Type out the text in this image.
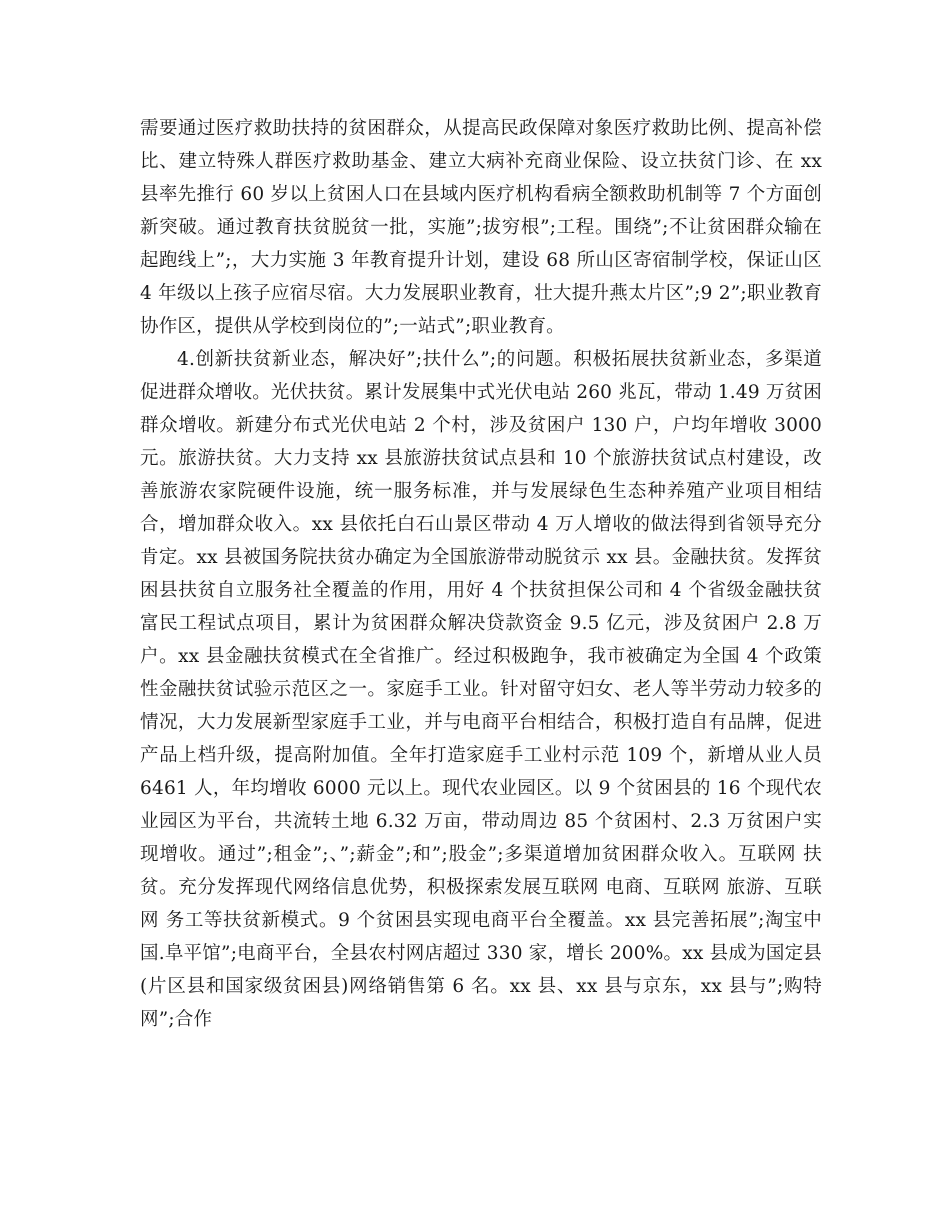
需要通过医疗救助扶持的贫困群众，从提高民政保障对象医疗救助比例、提高补偿比、建立特殊人群医疗救助基金、建立大病补充商业保险、设立扶贫门诊、在 xx 县率先推行 60 岁以上贫困人口在县域内医疗机构看病全额救助机制等 7 个方面创新突破。通过教育扶贫脱贫一批，实施”;拔穷根”;工程。围绕”;不让贫困群众输在起跑线上”;，大力实施 3 年教育提升计划，建设 68 所山区寄宿制学校，保证山区 4 年级以上孩子应宿尽宿。大力发展职业教育，壮大提升燕太片区”;9 2”;职业教育协作区，提供从学校到岗位的”;一站式”;职业教育。

4.创新扶贫新业态，解决好”;扶什么”;的问题。积极拓展扶贫新业态，多渠道促进群众增收。光伏扶贫。累计发展集中式光伏电站 260 兆瓦，带动 1.49 万贫困群众增收。新建分布式光伏电站 2 个村，涉及贫困户 130 户，户均年增收 3000 元。旅游扶贫。大力支持 xx 县旅游扶贫试点县和 10 个旅游扶贫试点村建设，改善旅游农家院硬件设施，统一服务标准，并与发展绿色生态种养殖产业项目相结合，增加群众收入。xx 县依托白石山景区带动 4 万人增收的做法得到省领导充分肯定。xx 县被国务院扶贫办确定为全国旅游带动脱贫示 xx 县。金融扶贫。发挥贫困县扶贫自立服务社全覆盖的作用，用好 4 个扶贫担保公司和 4 个省级金融扶贫富民工程试点项目，累计为贫困群众解决贷款资金 9.5 亿元，涉及贫困户 2.8 万户。xx 县金融扶贫模式在全省推广。经过积极跑争，我市被确定为全国 4 个政策性金融扶贫试验示范区之一。家庭手工业。针对留守妇女、老人等半劳动力较多的情况，大力发展新型家庭手工业，并与电商平台相结合，积极打造自有品牌，促进产品上档升级，提高附加值。全年打造家庭手工业村示范 109 个，新增从业人员 6461 人，年均增收 6000 元以上。现代农业园区。以 9 个贫困县的 16 个现代农业园区为平台，共流转土地 6.32 万亩，带动周边 85 个贫困村、2.3 万贫困户实现增收。通过”;租金”;、”;薪金”;和”;股金”;多渠道增加贫困群众收入。互联网 扶贫。充分发挥现代网络信息优势，积极探索发展互联网 电商、互联网 旅游、互联网 务工等扶贫新模式。9 个贫困县实现电商平台全覆盖。xx 县完善拓展”;淘宝中国.阜平馆”;电商平台，全县农村网店超过 330 家，增长 200%。xx 县成为国定县(片区县和国家级贫困县)网络销售第 6 名。xx 县、xx 县与京东，xx 县与”;购特网”;合作
